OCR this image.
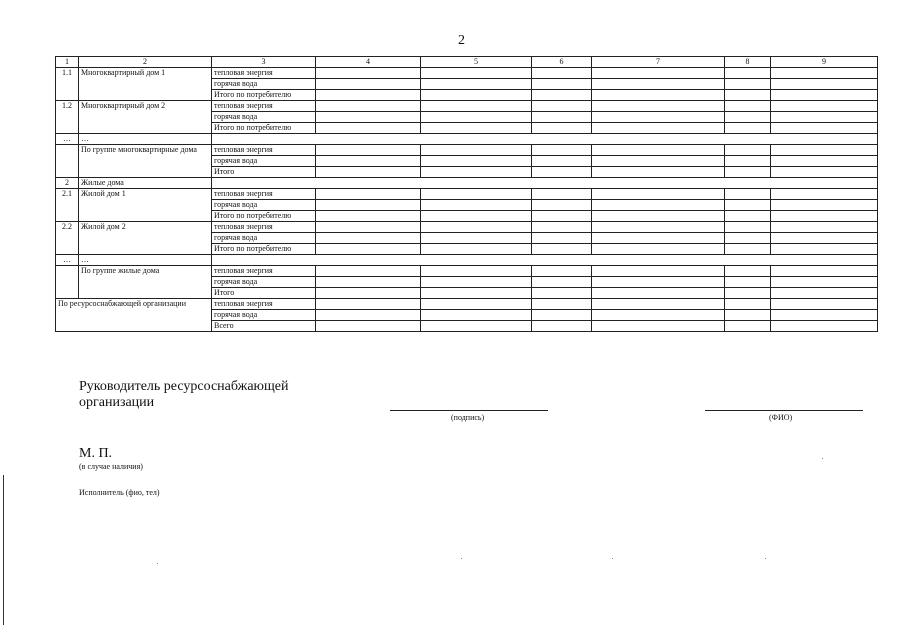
2
1	2	3	4	5	6	7	8	9
1.1	Многоквартирный дом 1	тепловая энергия						
		горячая вода						
		Итого по потребителю						
1.2	Многоквартирный дом 2	тепловая энергия						
		горячая вода						
		Итого по потребителю						
…	…							
	По группе многоквартирные дома	тепловая энергия						
		горячая вода						
		Итого						
2	Жилые дома							
2.1	Жилой дом 1	тепловая энергия						
		горячая вода						
		Итого по потребителю						
2.2	Жилой дом 2	тепловая энергия						
		горячая вода						
		Итого по потребителю						
…	…							
	По группе жилые дома	тепловая энергия						
		горячая вода						
		Итого						
По ресурсоснабжающей организации		тепловая энергия						
		горячая вода						
		Всего						
Руководитель ресурсоснабжающей
организации
(подпись)	(ФИО)
М. П.
(в случае наличия)
Исполнитель (фио, тел)
